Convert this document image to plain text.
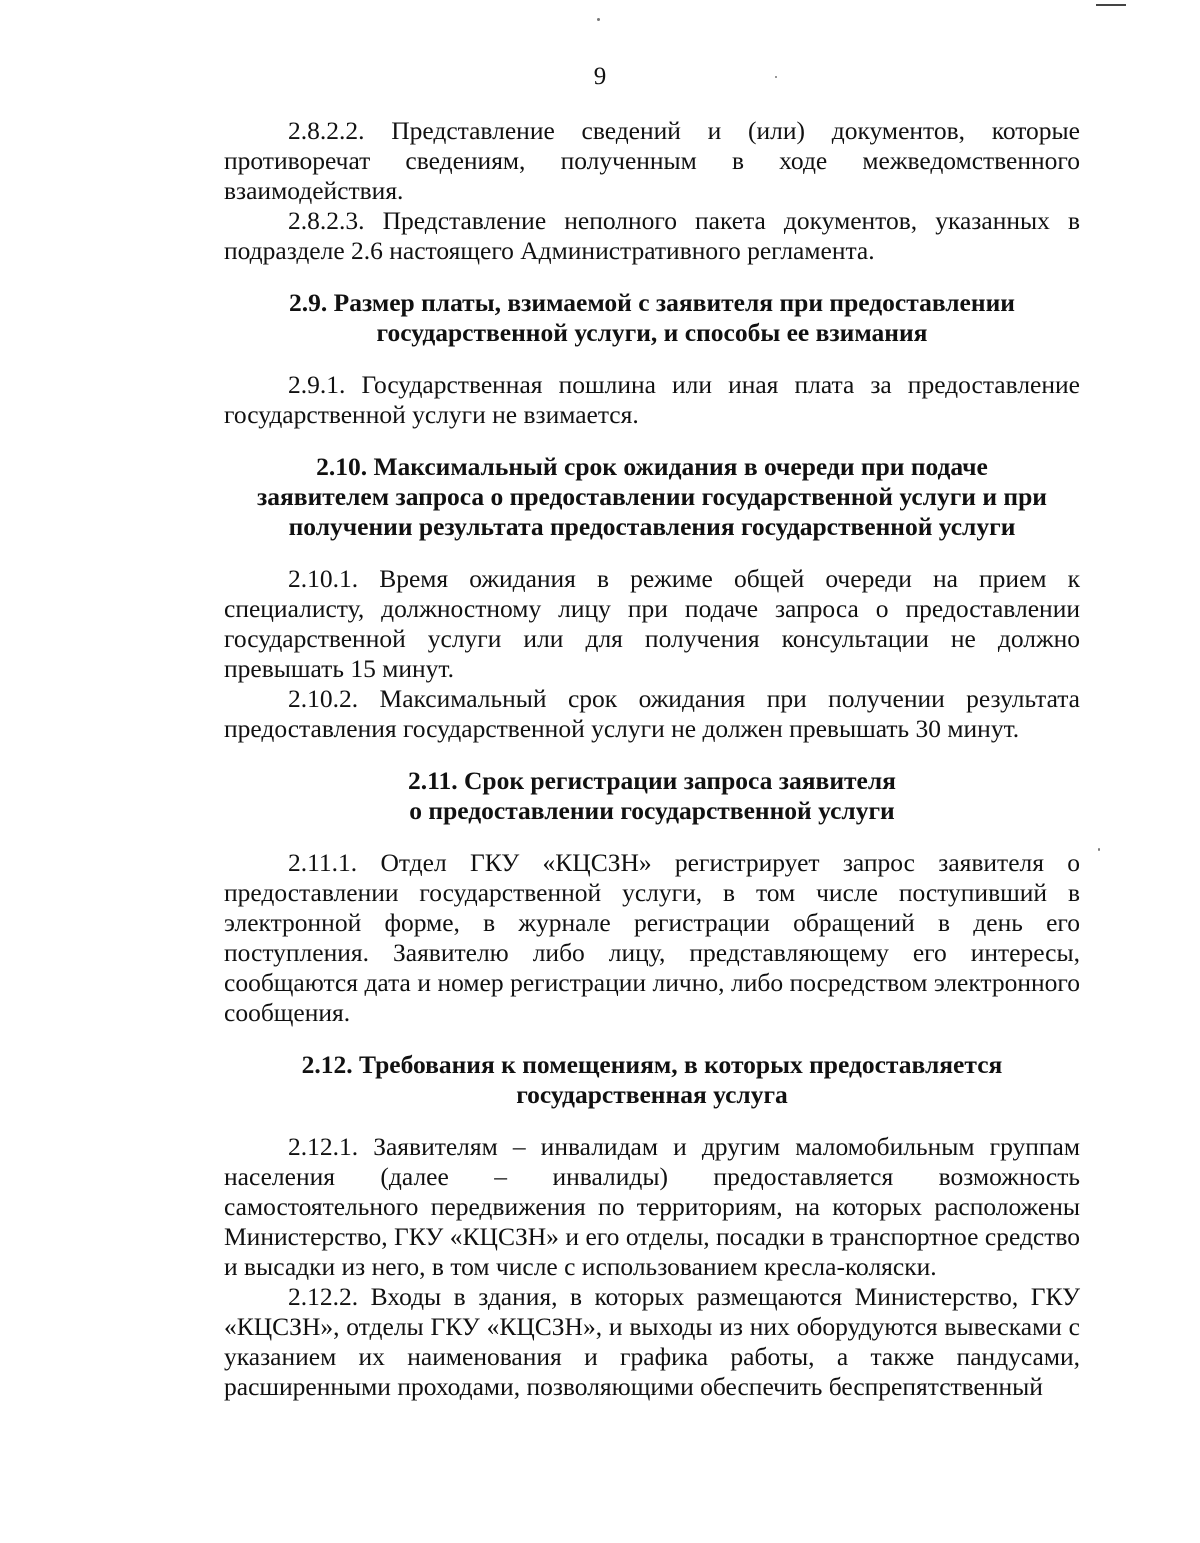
9

2.8.2.2. Представление сведений и (или) документов, которые противоречат сведениям, полученным в ходе межведомственного взаимодействия.

2.8.2.3. Представление неполного пакета документов, указанных в подразделе 2.6 настоящего Административного регламента.

2.9. Размер платы, взимаемой с заявителя при предоставлении
государственной услуги, и способы ее взимания

2.9.1. Государственная пошлина или иная плата за предоставление государственной услуги не взимается.

2.10. Максимальный срок ожидания в очереди при подаче
заявителем запроса о предоставлении государственной услуги и при
получении результата предоставления государственной услуги

2.10.1. Время ожидания в режиме общей очереди на прием к специалисту, должностному лицу при подаче запроса о предоставлении государственной услуги или для получения консультации не должно превышать 15 минут.

2.10.2. Максимальный срок ожидания при получении результата предоставления государственной услуги не должен превышать 30 минут.

2.11. Срок регистрации запроса заявителя
о предоставлении государственной услуги

2.11.1. Отдел ГКУ «КЦСЗН» регистрирует запрос заявителя о предоставлении государственной услуги, в том числе поступивший в электронной форме, в журнале регистрации обращений в день его поступления. Заявителю либо лицу, представляющему его интересы, сообщаются дата и номер регистрации лично, либо посредством электронного сообщения.

2.12. Требования к помещениям, в которых предоставляется
государственная услуга

2.12.1. Заявителям – инвалидам и другим маломобильным группам населения (далее – инвалиды) предоставляется возможность самостоятельного передвижения по территориям, на которых расположены Министерство, ГКУ «КЦСЗН» и его отделы, посадки в транспортное средство и высадки из него, в том числе с использованием кресла-коляски.

2.12.2. Входы в здания, в которых размещаются Министерство, ГКУ «КЦСЗН», отделы ГКУ «КЦСЗН», и выходы из них оборудуются вывесками с указанием их наименования и графика работы, а также пандусами, расширенными проходами, позволяющими обеспечить беспрепятственный
